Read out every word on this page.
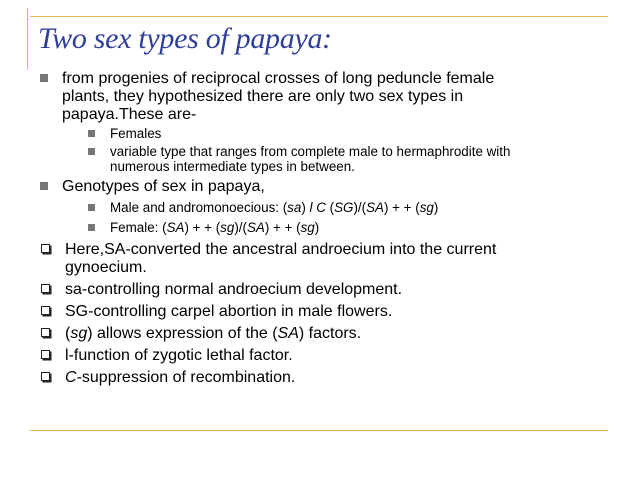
Two sex types of papaya:
from progenies of reciprocal crosses of long peduncle female
plants, they hypothesized there are only two sex types in
papaya.These are-
Females
variable type that ranges from complete male to hermaphrodite with
numerous intermediate types in between.
Genotypes of sex in papaya,
Male and andromonoecious: (sa) l C (SG)/(SA) + + (sg)
Female: (SA) + + (sg)/(SA) + + (sg)
Here,SA-converted the ancestral androecium into the current
gynoecium.
sa-controlling normal androecium development.
SG-controlling carpel abortion in male flowers.
(sg) allows expression of the (SA) factors.
l-function of zygotic lethal factor.
C-suppression of recombination.
